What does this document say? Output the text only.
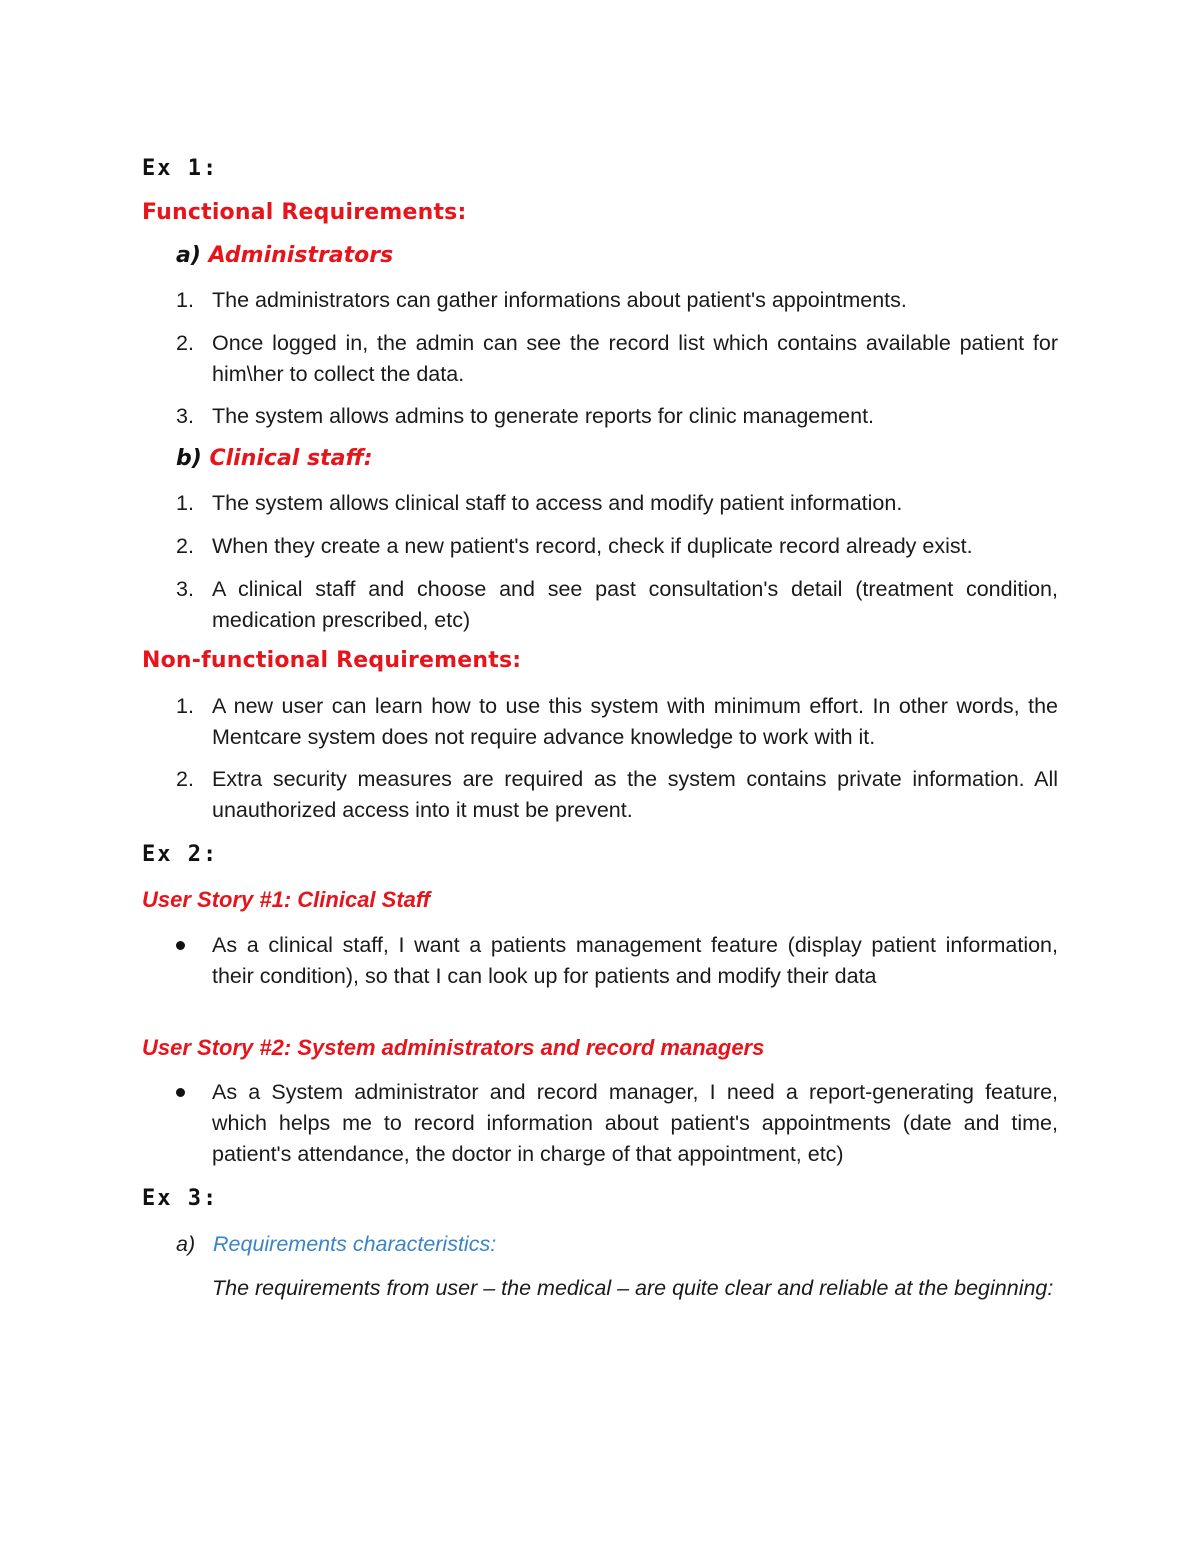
Ex 1:
Functional Requirements:
a) Administrators
1. The administrators can gather informations about patient's appointments.
2. Once logged in, the admin can see the record list which contains available patient for him\her to collect the data.
3. The system allows admins to generate reports for clinic management.
b) Clinical staff:
1. The system allows clinical staff to access and modify patient information.
2. When they create a new patient's record, check if duplicate record already exist.
3. A clinical staff and choose and see past consultation's detail (treatment condition, medication prescribed, etc)
Non-functional Requirements:
1. A new user can learn how to use this system with minimum effort. In other words, the Mentcare system does not require advance knowledge to work with it.
2. Extra security measures are required as the system contains private information. All unauthorized access into it must be prevent.
Ex 2:
User Story #1: Clinical Staff
As a clinical staff, I want a patients management feature (display patient information, their condition), so that I can look up for patients and modify their data
User Story #2: System administrators and record managers
As a System administrator and record manager, I need a report-generating feature, which helps me to record information about patient's appointments (date and time, patient's attendance, the doctor in charge of that appointment, etc)
Ex 3:
a) Requirements characteristics:
The requirements from user – the medical – are quite clear and reliable at the beginning:
